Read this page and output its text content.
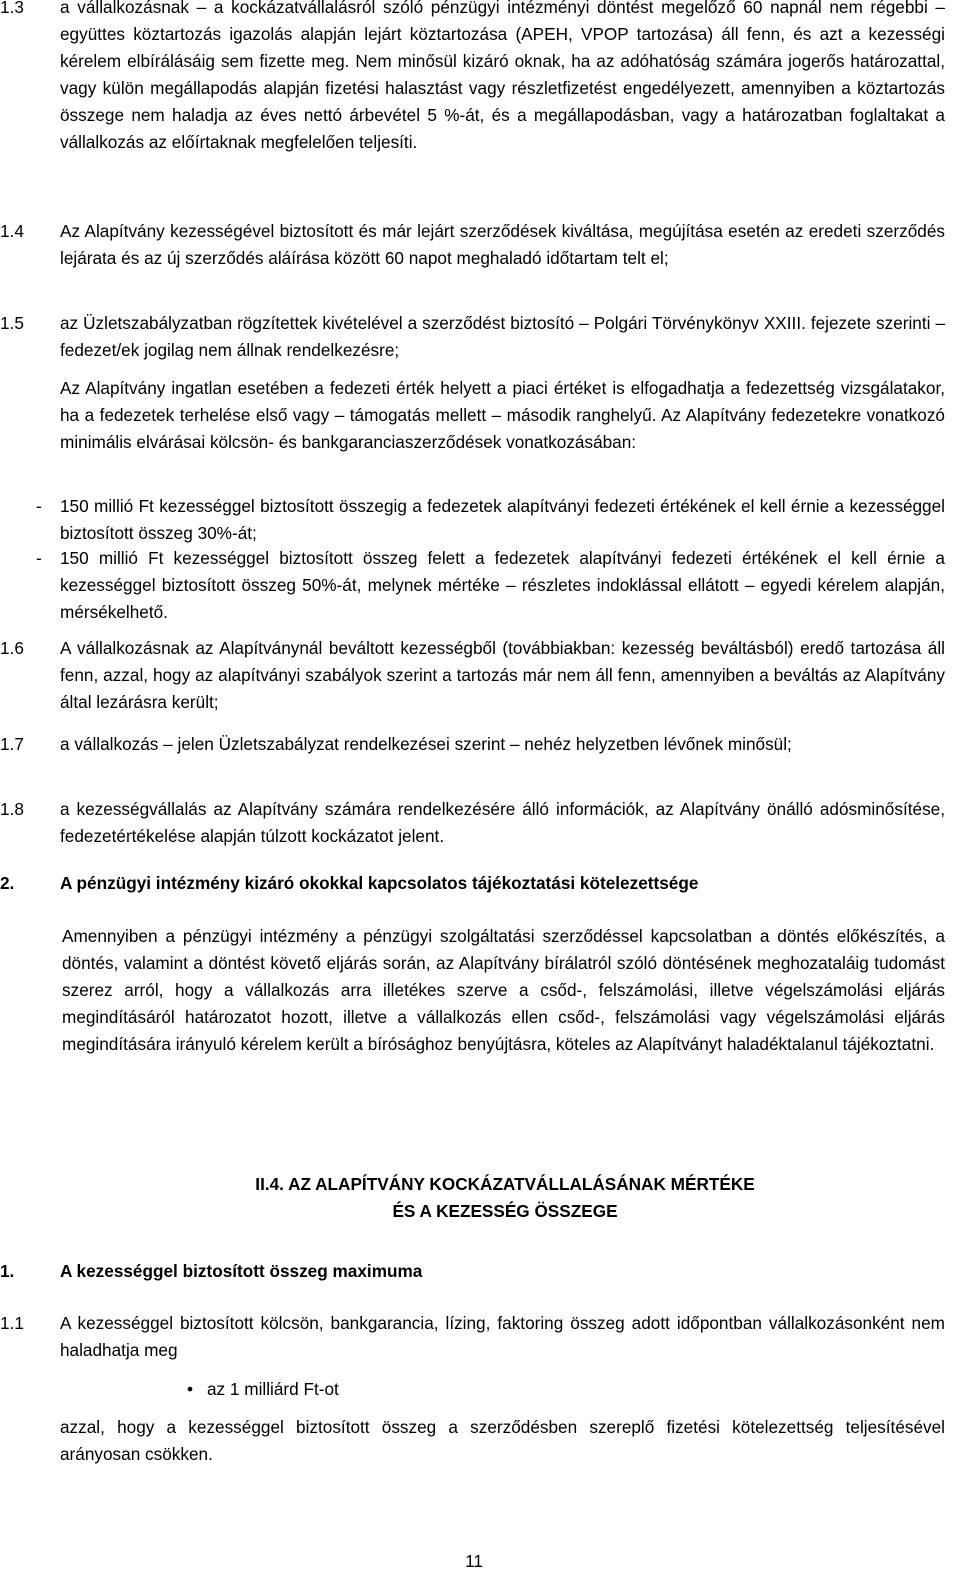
1.3 a vállalkozásnak – a kockázatvállalásról szóló pénzügyi intézményi döntést megelőző 60 napnál nem régebbi – együttes köztartozás igazolás alapján lejárt köztartozása (APEH, VPOP tartozása) áll fenn, és azt a kezességi kérelem elbírálásáig sem fizette meg. Nem minősül kizáró oknak, ha az adóhatóság számára jogerős határozattal, vagy külön megállapodás alapján fizetési halasztást vagy részletfizetést engedélyezett, amennyiben a köztartozás összege nem haladja az éves nettó árbevétel 5 %-át, és a megállapodásban, vagy a határozatban foglaltakat a vállalkozás az előírtaknak megfelelően teljesíti.
1.4 Az Alapítvány kezességével biztosított és már lejárt szerződések kiváltása, megújítása esetén az eredeti szerződés lejárata és az új szerződés aláírása között 60 napot meghaladó időtartam telt el;
1.5 az Üzletszabályzatban rögzítettek kivételével a szerződést biztosító – Polgári Törvénykönyv XXIII. fejezete szerinti – fedezet/ek jogilag nem állnak rendelkezésre;
Az Alapítvány ingatlan esetében a fedezeti érték helyett a piaci értéket is elfogadhatja a fedezettség vizsgálatakor, ha a fedezetek terhelése első vagy – támogatás mellett – második ranghelyű. Az Alapítvány fedezetekre vonatkozó minimális elvárásai kölcsön- és bankgaranciaszerződések vonatkozásában:
- 150 millió Ft kezességgel biztosított összegig a fedezetek alapítványi fedezeti értékének el kell érnie a kezességgel biztosított összeg 30%-át;
- 150 millió Ft kezességgel biztosított összeg felett a fedezetek alapítványi fedezeti értékének el kell érnie a kezességgel biztosított összeg 50%-át, melynek mértéke – részletes indoklással ellátott – egyedi kérelem alapján, mérsékelhető.
1.6 A vállalkozásnak az Alapítványnál beváltott kezességből (továbbiakban: kezesség beváltásból) eredő tartozása áll fenn, azzal, hogy az alapítványi szabályok szerint a tartozás már nem áll fenn, amennyiben a beváltás az Alapítvány által lezárásra került;
1.7 a vállalkozás – jelen Üzletszabályzat rendelkezései szerint – nehéz helyzetben lévőnek minősül;
1.8 a kezességvállalás az Alapítvány számára rendelkezésére álló információk, az Alapítvány önálló adósminősítése, fedezetértékelése alapján túlzott kockázatot jelent.
2.	A pénzügyi intézmény kizáró okokkal kapcsolatos tájékoztatási kötelezettsége
Amennyiben a pénzügyi intézmény a pénzügyi szolgáltatási szerződéssel kapcsolatban a döntés előkészítés, a döntés, valamint a döntést követő eljárás során, az Alapítvány bírálatról szóló döntésének meghozataláig tudomást szerez arról, hogy a vállalkozás arra illetékes szerve a csőd-, felszámolási, illetve végelszámolási eljárás megindításáról határozatot hozott, illetve a vállalkozás ellen csőd-, felszámolási vagy végelszámolási eljárás megindítására irányuló kérelem került a bírósághoz benyújtásra, köteles az Alapítványt haladéktalanul tájékoztatni.
II.4. AZ ALAPÍTVÁNY KOCKÁZATVÁLLALÁSÁNAK MÉRTÉKE
ÉS A KEZESSÉG ÖSSZEGE
1.	A kezességgel biztosított összeg maximuma
1.1 A kezességgel biztosított kölcsön, bankgarancia, lízing, faktoring összeg adott időpontban vállalkozásonként nem haladhatja meg
• az 1 milliárd Ft-ot
azzal, hogy a kezességgel biztosított összeg a szerződésben szereplő fizetési kötelezettség teljesítésével arányosan csökken.
11
